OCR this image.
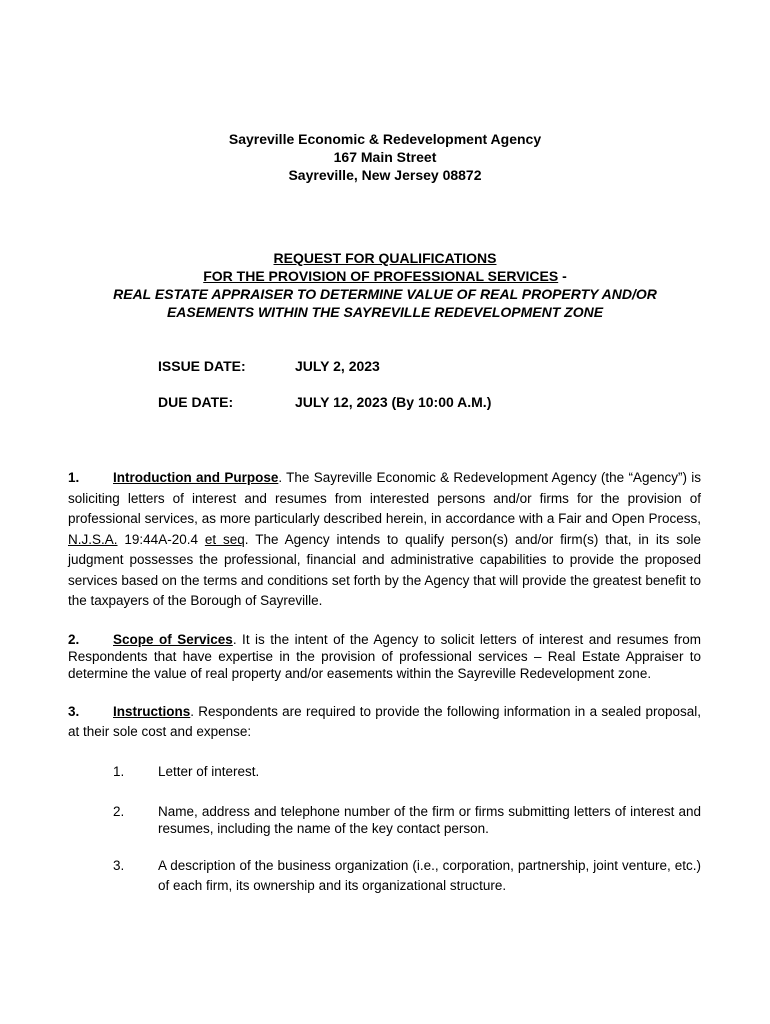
Sayreville Economic & Redevelopment Agency
167 Main Street
Sayreville, New Jersey 08872
REQUEST FOR QUALIFICATIONS
FOR THE PROVISION OF PROFESSIONAL SERVICES -
REAL ESTATE APPRAISER TO DETERMINE VALUE OF REAL PROPERTY AND/OR
EASEMENTS WITHIN THE SAYREVILLE REDEVELOPMENT ZONE
ISSUE DATE:	JULY 2, 2023
DUE DATE:	JULY 12, 2023 (By 10:00 A.M.)
1. Introduction and Purpose. The Sayreville Economic & Redevelopment Agency (the “Agency”) is soliciting letters of interest and resumes from interested persons and/or firms for the provision of professional services, as more particularly described herein, in accordance with a Fair and Open Process, N.J.S.A. 19:44A-20.4 et seq. The Agency intends to qualify person(s) and/or firm(s) that, in its sole judgment possesses the professional, financial and administrative capabilities to provide the proposed services based on the terms and conditions set forth by the Agency that will provide the greatest benefit to the taxpayers of the Borough of Sayreville.
2. Scope of Services. It is the intent of the Agency to solicit letters of interest and resumes from Respondents that have expertise in the provision of professional services – Real Estate Appraiser to determine the value of real property and/or easements within the Sayreville Redevelopment zone.
3. Instructions. Respondents are required to provide the following information in a sealed proposal, at their sole cost and expense:
1. Letter of interest.
2. Name, address and telephone number of the firm or firms submitting letters of interest and resumes, including the name of the key contact person.
3. A description of the business organization (i.e., corporation, partnership, joint venture, etc.) of each firm, its ownership and its organizational structure.
